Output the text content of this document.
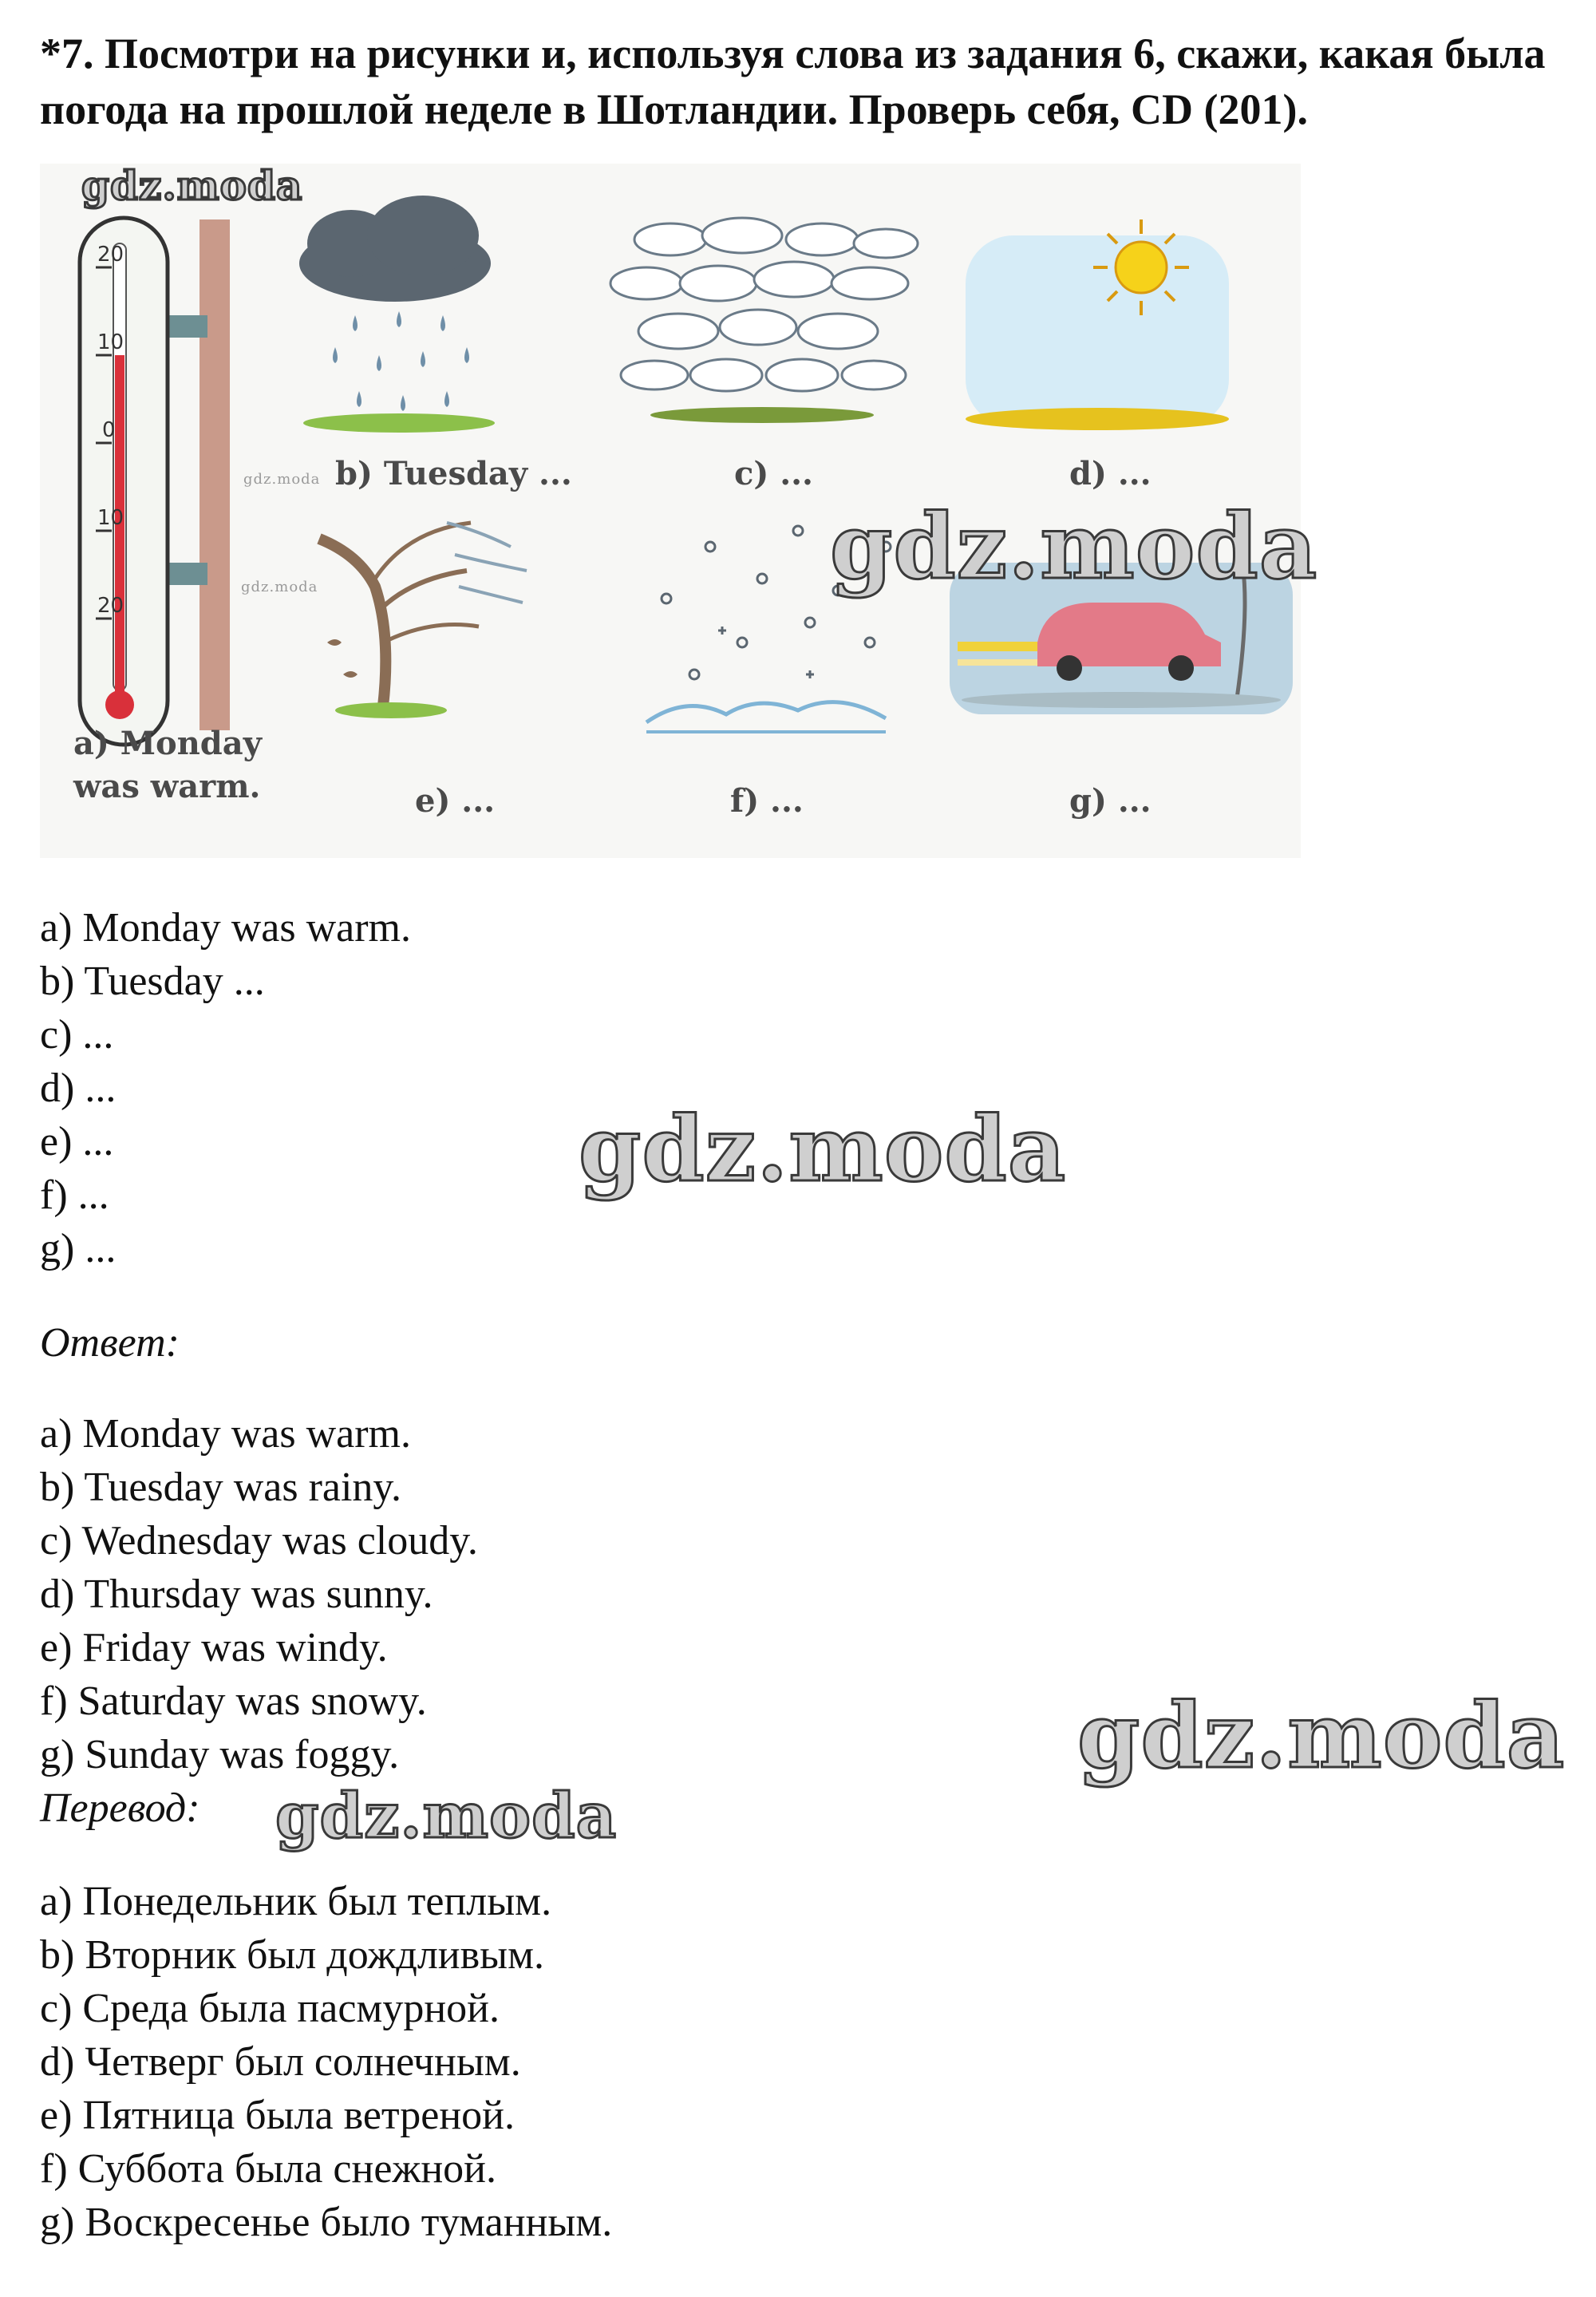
*7. Посмотри на рисунки и, используя слова из задания 6, скажи, какая была погода на прошлой неделе в Шотландии. Проверь себя, CD (201).
20
10
0
10
20
a) Monday
was warm.
b) Tuesday ...	c) ...	d) ...
e) ...	f) ...	g) ...
gdz.moda
gdz.moda
gdz.moda	gdz.moda
a) Monday was warm.
b) Tuesday ...
c) ...
d) ...
e) ...
f) ...
g) ...
gdz.moda
Ответ:
a) Monday was warm.
b) Tuesday was rainy.
c) Wednesday was cloudy.
d) Thursday was sunny.
e) Friday was windy.
f) Saturday was snowy.
g) Sunday was foggy.	gdz.moda
Перевод: gdz.moda
a) Понедельник был теплым.
b) Вторник был дождливым.
c) Среда была пасмурной.
d) Четверг был солнечным.
e) Пятница была ветреной.
f) Суббота была снежной.
g) Воскресенье было туманным.
